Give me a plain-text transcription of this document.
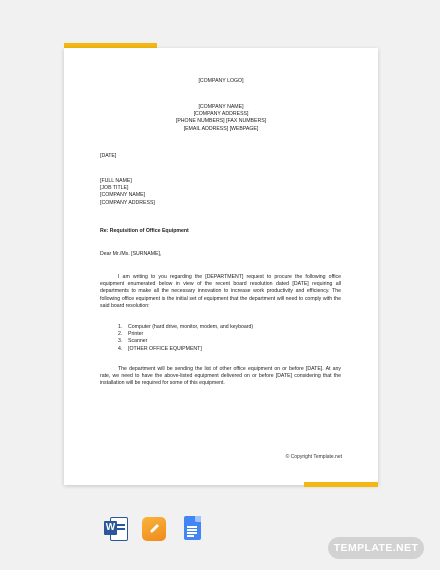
[COMPANY LOGO]
[COMPANY NAME]
[COMPANY ADDRESS]
[PHONE NUMBERS] [FAX NUMBERS]
[EMAIL ADDRESS] [WEBPAGE]
[DATE]
[FULL NAME]
[JOB TITLE]
[COMPANY NAME]
[COMPANY ADDRESS]
Re: Requisition of Office Equipment
Dear Mr./Ms. [SURNAME],
I am writing to you regarding the [DEPARTMENT] request to procure the following office equipment enumerated below in view of the recent board resolution dated [DATE] requiring all departments to make all the necessary innovation to increase work productivity and efficiency. The following office equipment is the initial set of equipment that the department will need to comply with the said board resolution:
1.	Computer (hard drive, monitor, modem, and keyboard)
2.	Printer
3.	Scanner
4.	[OTHER OFFICE EQUIPMENT]
The department will be sending the list of other office equipment on or before [DATE]. At any rate, we need to have the above-listed equipment delivered on or before [DATE] considering that the installation will be required for some of this equipment.
© Copyright Template.net
W
TEMPLATE.NET
